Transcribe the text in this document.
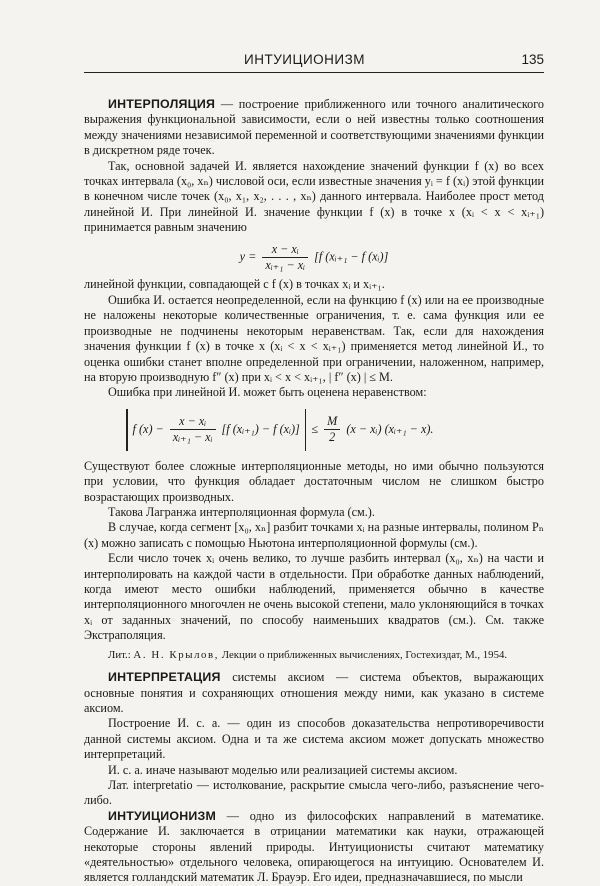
ИНТУИЦИОНИЗМ	135

ИНТЕРПОЛЯЦИЯ — построение приближенного или точного аналитического выражения функциональной зависимости, если о ней известны только соотношения между значениями независимой переменной и соответствующими значениями функции в дискретном ряде точек.

Так, основной задачей И. является нахождение значений функции f (x) во всех точках интервала (x₀, xₙ) числовой оси, если известные значения yᵢ = f (xᵢ) этой функции в конечном числе точек (x₀, x₁, x₂, . . . , xₙ) данного интервала. Наиболее прост метод линейной И. При линейной И. значение функции f (x) в точке x (xᵢ < x < xᵢ₊₁) принимается равным значению

$y = \frac{\text{x − xᵢ}}{\text{xᵢ₊₁ − xᵢ}} [f$ (xᵢ₊₁ − f (xᵢ)]

линейной функции, совпадающей с f (x) в точках xᵢ и xᵢ₊₁.

Ошибка И. остается неопределенной, если на функцию f (x) или на ее производные не наложены некоторые количественные ограничения, т. е. сама функция или ее производные не подчинены некоторым неравенствам. Так, если для нахождения значения функции f (x) в точке x (xᵢ < x < xᵢ₊₁) применяется метод линейной И., то оценка ошибки станет вполне определенной при ограничении, наложенном, например, на вторую производную f″ (x) при xᵢ < x < xᵢ₊₁, | f″ (x) | ≤ M.

Ошибка при линейной И. может быть оценена неравенством:

f $(x) - \frac{\text{x − xᵢ}}{\text{xᵢ₊₁ − xᵢ}} [f$ (xᵢ₊₁) − f (xᵢ)] ≤ $\frac{M}{2} (x$ − xᵢ) (xᵢ₊₁ − x).

Существуют более сложные интерполяционные методы, но ими обычно пользуются при условии, что функция обладает достаточным числом не слишком быстро возрастающих производных.

Такова Лагранжа интерполяционная формула (см.).

В случае, когда сегмент [x₀, xₙ] разбит точками xᵢ на разные интервалы, полином Pₙ (x) можно записать с помощью Ньютона интерполяционной формулы (см.).

Если число точек xᵢ очень велико, то лучше разбить интервал (x₀, xₙ) на части и интерполировать на каждой части в отдельности. При обработке данных наблюдений, когда имеют место ошибки наблюдений, применяется обычно в качестве интерполяционного многочлен не очень высокой степени, мало уклоняющийся в точках xᵢ от заданных значений, по способу наименьших квадратов (см.). См. также Экстраполяция.

Лит.: А. Н. Крылов, Лекции о приближенных вычислениях, Гостехиздат, М., 1954.

ИНТЕРПРЕТАЦИЯ системы аксиом — система объектов, выражающих основные понятия и сохраняющих отношения между ними, как указано в системе аксиом.

Построение И. с. а. — один из способов доказательства непротиворечивости данной системы аксиом. Одна и та же система аксиом может допускать множество интерпретаций.

И. с. а. иначе называют моделью или реализацией системы аксиом.

Лат. interpretatio — истолкование, раскрытие смысла чего-либо, разъяснение чего-либо.

ИНТУИЦИОНИЗМ — одно из философских направлений в математике. Содержание И. заключается в отрицании математики как науки, отражающей некоторые стороны явлений природы. Интуиционисты считают математику «деятельностью» отдельного человека, опирающегося на интуицию. Основателем И. является голландский математик Л. Брауэр. Его идеи, предназначавшиеся, по мысли
